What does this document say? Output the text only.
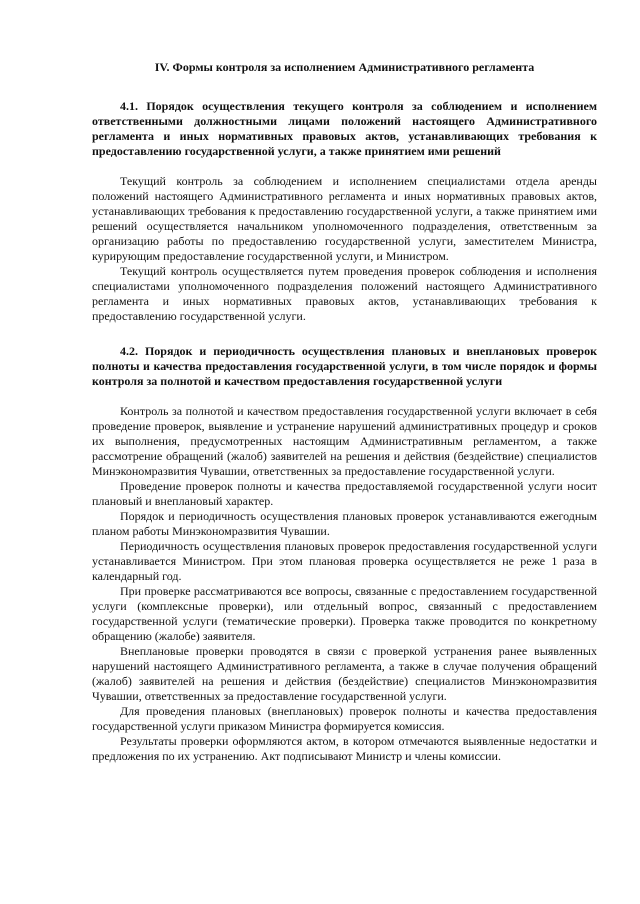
IV. Формы контроля за исполнением Административного регламента
4.1. Порядок осуществления текущего контроля за соблюдением и исполнением ответственными должностными лицами положений настоящего Административного регламента и иных нормативных правовых актов, устанавливающих требования к предоставлению государственной услуги, а также принятием ими решений

Текущий контроль за соблюдением и исполнением специалистами отдела аренды положений настоящего Административного регламента и иных нормативных правовых актов, устанавливающих требования к предоставлению государственной услуги, а также принятием ими решений осуществляется начальником уполномоченного подразделения, ответственным за организацию работы по предоставлению государственной услуги, заместителем Министра, курирующим предоставление государственной услуги, и Министром.

Текущий контроль осуществляется путем проведения проверок соблюдения и исполнения специалистами уполномоченного подразделения положений настоящего Административного регламента и иных нормативных правовых актов, устанавливающих требования к предоставлению государственной услуги.

4.2. Порядок и периодичность осуществления плановых и внеплановых проверок полноты и качества предоставления государственной услуги, в том числе порядок и формы контроля за полнотой и качеством предоставления государственной услуги

Контроль за полнотой и качеством предоставления государственной услуги включает в себя проведение проверок, выявление и устранение нарушений административных процедур и сроков их выполнения, предусмотренных настоящим Административным регламентом, а также рассмотрение обращений (жалоб) заявителей на решения и действия (бездействие) специалистов Минэкономразвития Чувашии, ответственных за предоставление государственной услуги.

Проведение проверок полноты и качества предоставляемой государственной услуги носит плановый и внеплановый характер.

Порядок и периодичность осуществления плановых проверок устанавливаются ежегодным планом работы Минэкономразвития Чувашии.

Периодичность осуществления плановых проверок предоставления государственной услуги устанавливается Министром. При этом плановая проверка осуществляется не реже 1 раза в календарный год.

При проверке рассматриваются все вопросы, связанные с предоставлением государственной услуги (комплексные проверки), или отдельный вопрос, связанный с предоставлением государственной услуги (тематические проверки). Проверка также проводится по конкретному обращению (жалобе) заявителя.

Внеплановые проверки проводятся в связи с проверкой устранения ранее выявленных нарушений настоящего Административного регламента, а также в случае получения обращений (жалоб) заявителей на решения и действия (бездействие) специалистов Минэкономразвития Чувашии, ответственных за предоставление государственной услуги.

Для проведения плановых (внеплановых) проверок полноты и качества предоставления государственной услуги приказом Министра формируется комиссия.

Результаты проверки оформляются актом, в котором отмечаются выявленные недостатки и предложения по их устранению. Акт подписывают Министр и члены комиссии.
